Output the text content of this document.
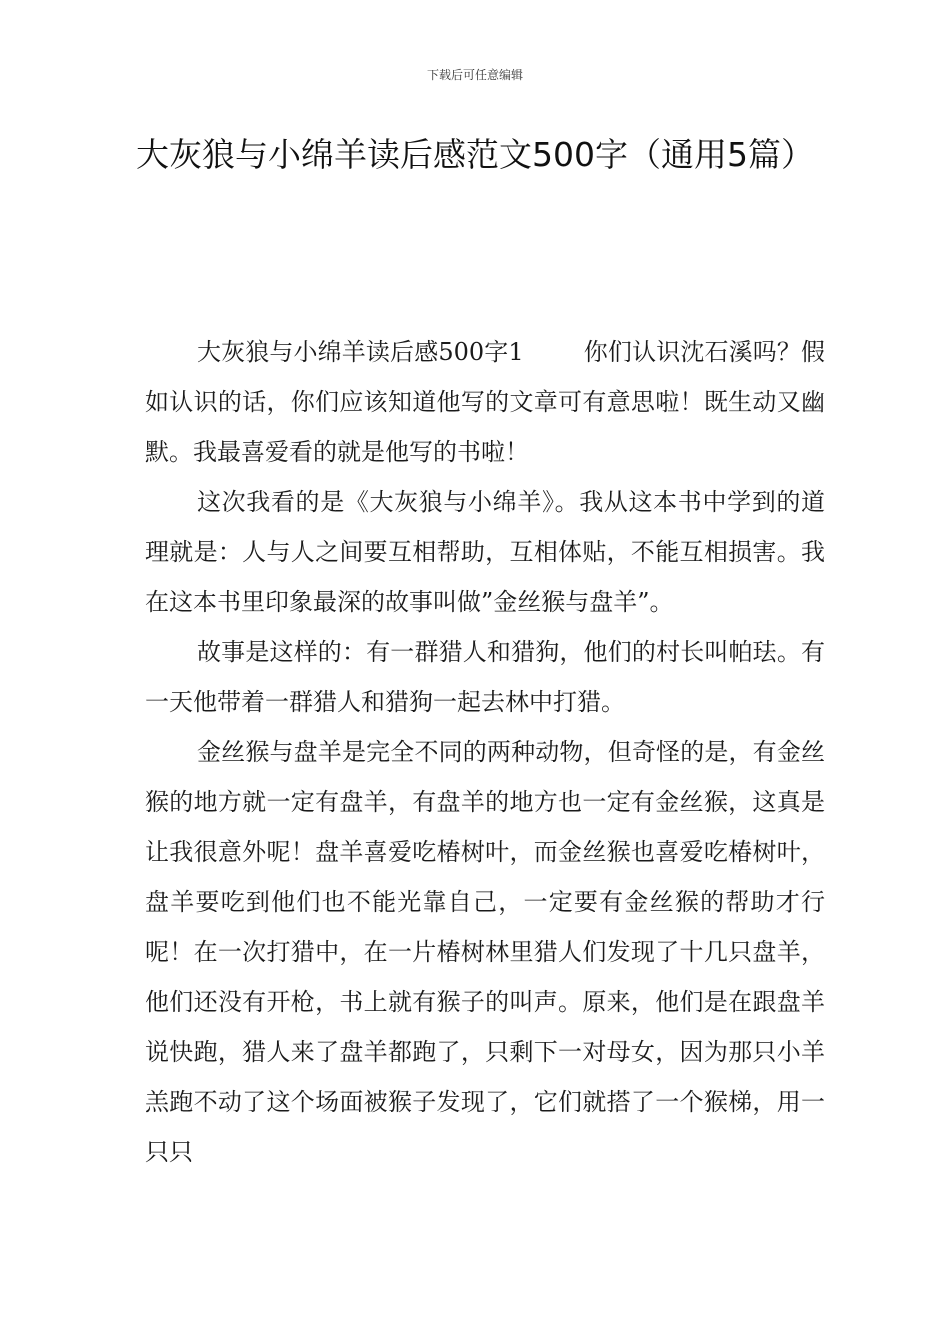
下载后可任意编辑
大灰狼与小绵羊读后感范文500字（通用5篇）

大灰狼与小绵羊读后感500字1	你们认识沈石溪吗？假如认识的话，你们应该知道他写的文章可有意思啦！既生动又幽默。我最喜爱看的就是他写的书啦！

这次我看的是《大灰狼与小绵羊》。我从这本书中学到的道理就是：人与人之间要互相帮助，互相体贴，不能互相损害。我在这本书里印象最深的故事叫做”金丝猴与盘羊”。

故事是这样的：有一群猎人和猎狗，他们的村长叫帕珐。有一天他带着一群猎人和猎狗一起去林中打猎。

金丝猴与盘羊是完全不同的两种动物，但奇怪的是，有金丝猴的地方就一定有盘羊，有盘羊的地方也一定有金丝猴，这真是让我很意外呢！盘羊喜爱吃椿树叶，而金丝猴也喜爱吃椿树叶，盘羊要吃到他们也不能光靠自己，一定要有金丝猴的帮助才行呢！在一次打猎中，在一片椿树林里猎人们发现了十几只盘羊，他们还没有开枪，书上就有猴子的叫声。原来，他们是在跟盘羊说快跑，猎人来了盘羊都跑了，只剩下一对母女，因为那只小羊羔跑不动了这个场面被猴子发现了，它们就搭了一个猴梯，用一只只
